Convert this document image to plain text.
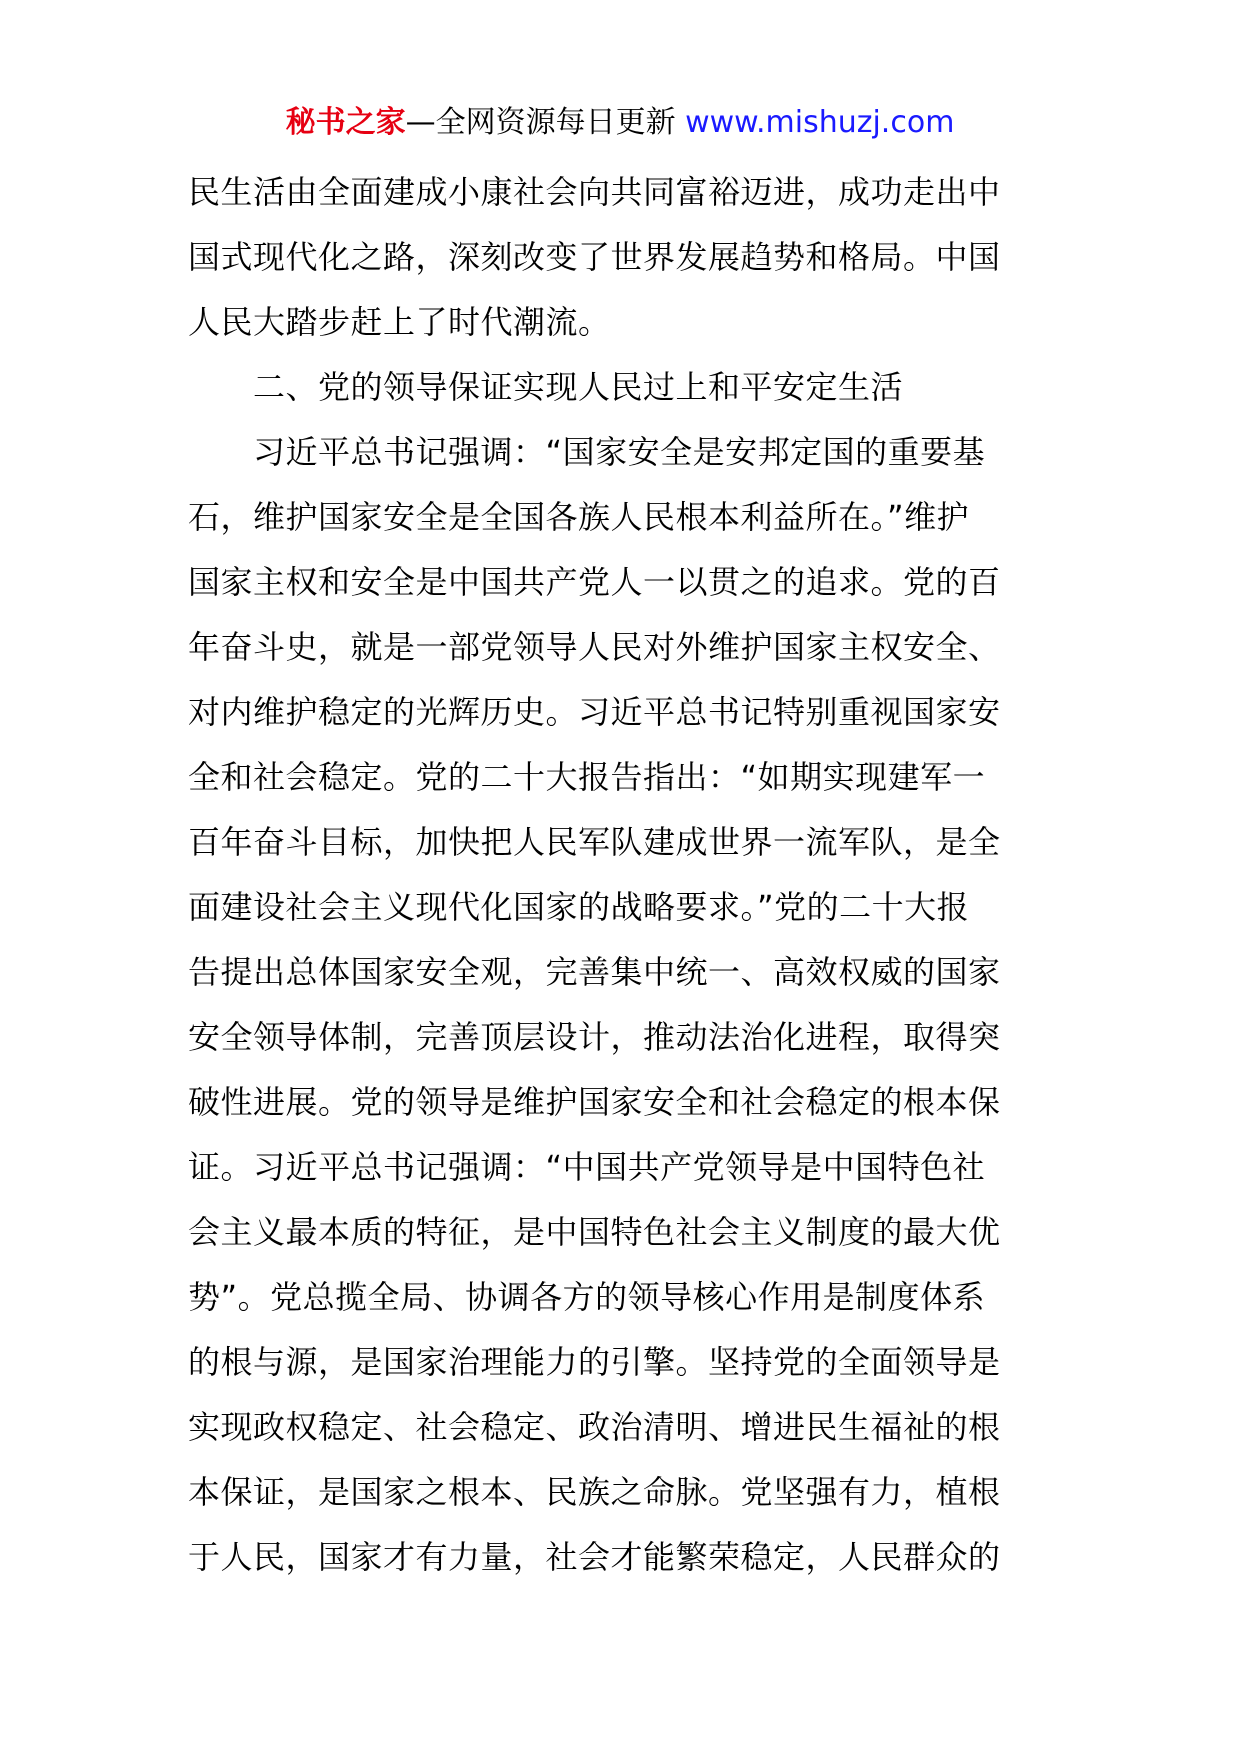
秘书之家—全网资源每日更新 www.mishuzj.com
民生活由全面建成小康社会向共同富裕迈进，成功走出中
国式现代化之路，深刻改变了世界发展趋势和格局。中国
人民大踏步赶上了时代潮流。
二、党的领导保证实现人民过上和平安定生活
习近平总书记强调：“国家安全是安邦定国的重要基
石，维护国家安全是全国各族人民根本利益所在。”维护
国家主权和安全是中国共产党人一以贯之的追求。党的百
年奋斗史，就是一部党领导人民对外维护国家主权安全、
对内维护稳定的光辉历史。习近平总书记特别重视国家安
全和社会稳定。党的二十大报告指出：“如期实现建军一
百年奋斗目标，加快把人民军队建成世界一流军队，是全
面建设社会主义现代化国家的战略要求。”党的二十大报
告提出总体国家安全观，完善集中统一、高效权威的国家
安全领导体制，完善顶层设计，推动法治化进程，取得突
破性进展。党的领导是维护国家安全和社会稳定的根本保
证。习近平总书记强调：“中国共产党领导是中国特色社
会主义最本质的特征，是中国特色社会主义制度的最大优
势”。党总揽全局、协调各方的领导核心作用是制度体系
的根与源，是国家治理能力的引擎。坚持党的全面领导是
实现政权稳定、社会稳定、政治清明、增进民生福祉的根
本保证，是国家之根本、民族之命脉。党坚强有力，植根
于人民，国家才有力量，社会才能繁荣稳定，人民群众的
